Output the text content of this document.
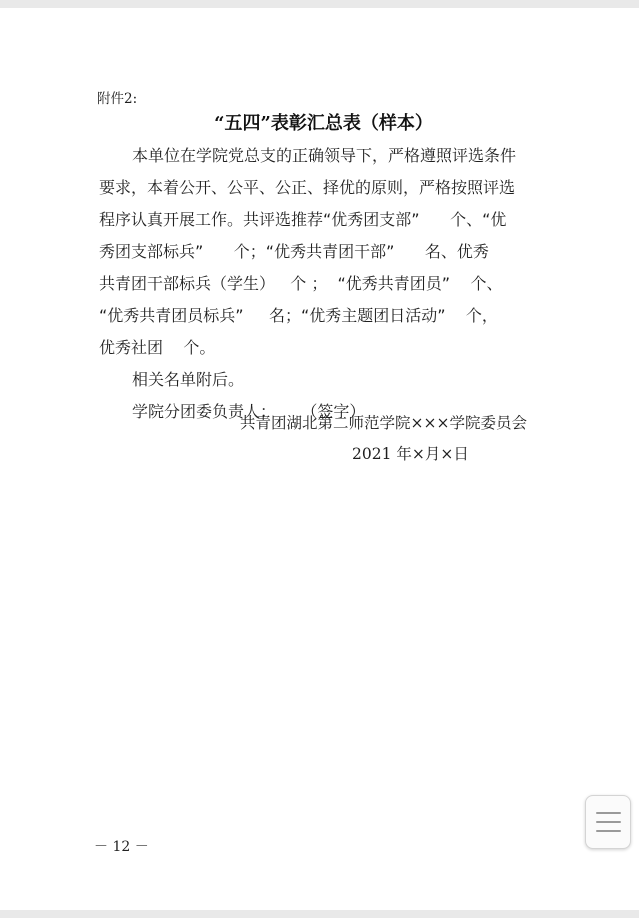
附件2:
“五四”表彰汇总表（样本）
本单位在学院党总支的正确领导下，严格遵照评选条件
要求，本着公开、公平、公正、择优的原则，严格按照评选
程序认真开展工作。共评选推荐“优秀团支部”      个、“优
秀团支部标兵”      个；“优秀共青团干部”      名、优秀
共青团干部标兵（学生）   个 ；  “优秀共青团员”    个、
“优秀共青团员标兵”     名；“优秀主题团日活动”    个，
优秀社团    个。
相关名单附后。
学院分团委负责人：     （签字）
共青团湖北第二师范学院×××学院委员会
2021 年×月×日
－ 12 －
